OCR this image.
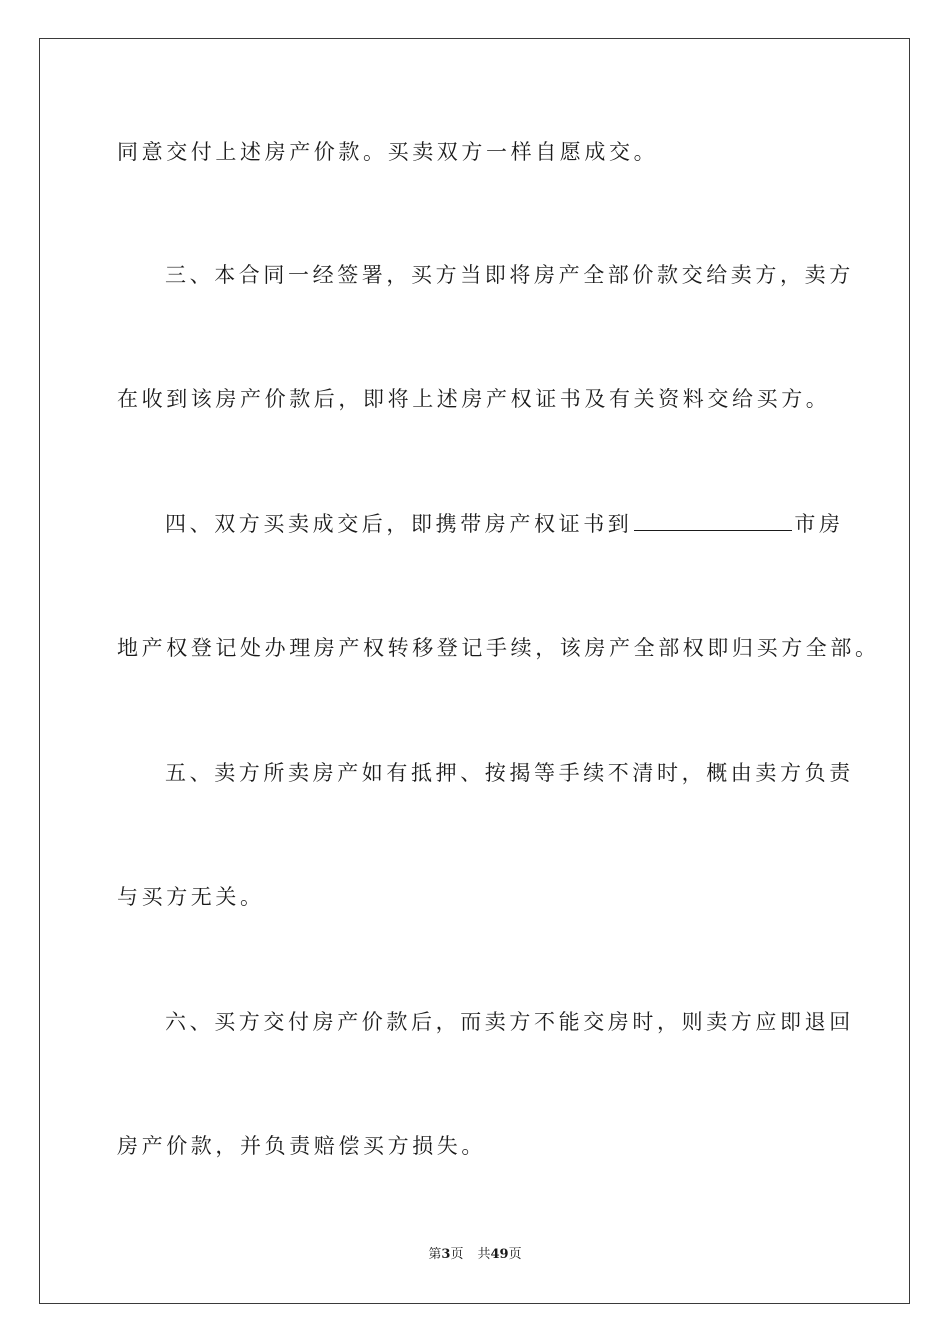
同意交付上述房产价款。买卖双方一样自愿成交。
三、本合同一经签署，买方当即将房产全部价款交给卖方，卖方
在收到该房产价款后，即将上述房产权证书及有关资料交给买方。
四、双方买卖成交后，即携带房产权证书到	市房
地产权登记处办理房产权转移登记手续，该房产全部权即归买方全部。
五、卖方所卖房产如有抵押、按揭等手续不清时，概由卖方负责
与买方无关。
六、买方交付房产价款后，而卖方不能交房时，则卖方应即退回
房产价款，并负责赔偿买方损失。
第3页 共49页
